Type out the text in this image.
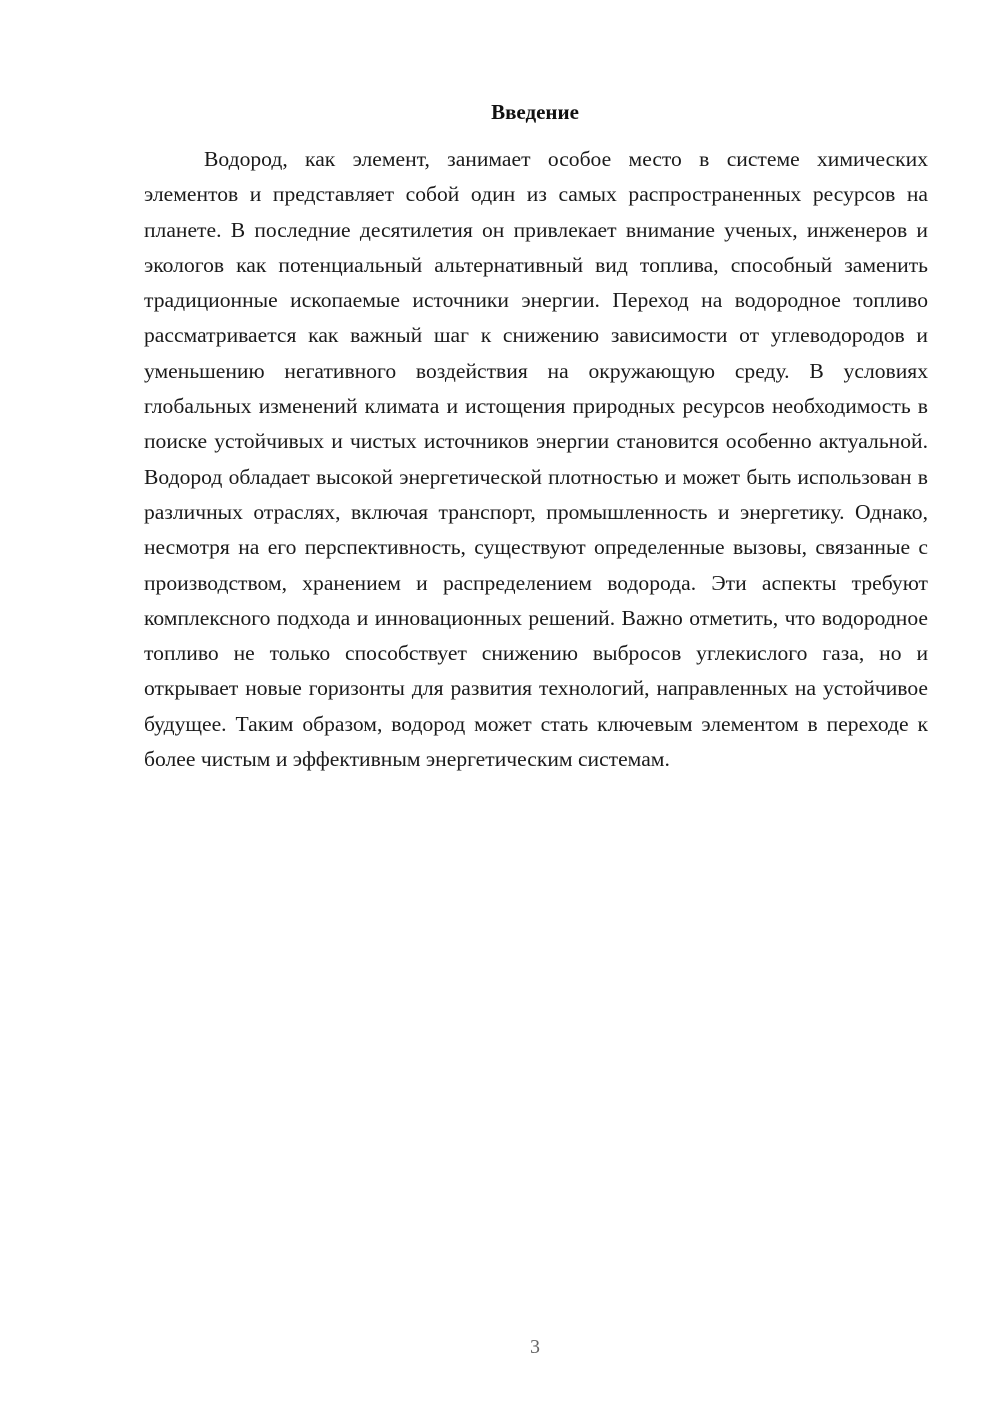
Введение

Водород, как элемент, занимает особое место в системе химических элементов и представляет собой один из самых распространенных ресурсов на планете. В последние десятилетия он привлекает внимание ученых, инженеров и экологов как потенциальный альтернативный вид топлива, способный заменить традиционные ископаемые источники энергии. Переход на водородное топливо рассматривается как важный шаг к снижению зависимости от углеводородов и уменьшению негативного воздействия на окружающую среду. В условиях глобальных изменений климата и истощения природных ресурсов необходимость в поиске устойчивых и чистых источников энергии становится особенно актуальной. Водород обладает высокой энергетической плотностью и может быть использован в различных отраслях, включая транспорт, промышленность и энергетику. Однако, несмотря на его перспективность, существуют определенные вызовы, связанные с производством, хранением и распределением водорода. Эти аспекты требуют комплексного подхода и инновационных решений. Важно отметить, что водородное топливо не только способствует снижению выбросов углекислого газа, но и открывает новые горизонты для развития технологий, направленных на устойчивое будущее. Таким образом, водород может стать ключевым элементом в переходе к более чистым и эффективным энергетическим системам.

3
